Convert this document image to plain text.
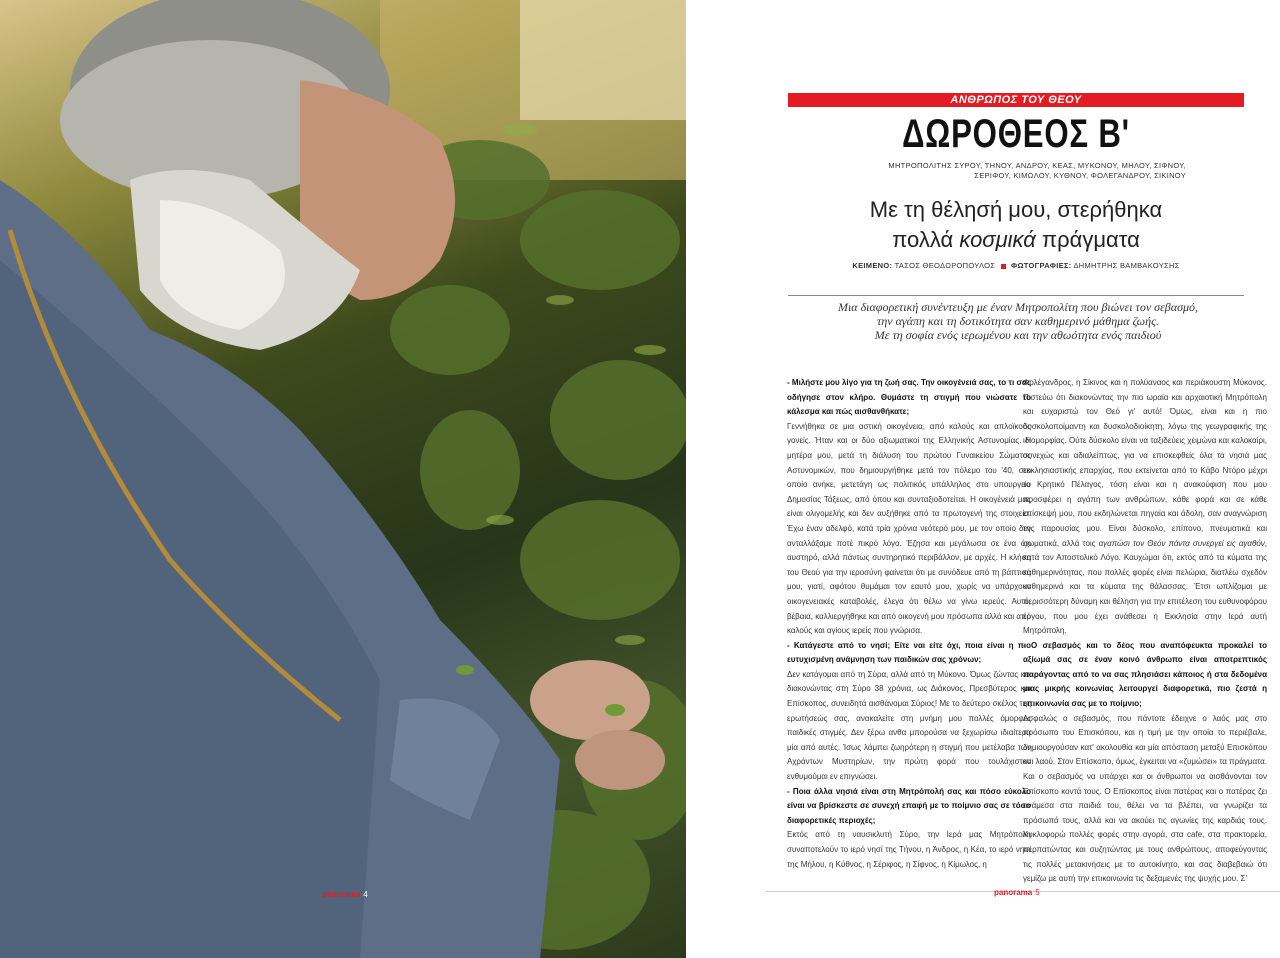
panorama 4
ΑΝΘΡΩΠΟΣ ΤΟΥ ΘΕΟΥ
ΔΩΡΟΘΕΟΣ Β'
ΜΗΤΡΟΠΟΛΙΤΗΣ ΣΥΡΟΥ, ΤΗΝΟΥ, ΑΝΔΡΟΥ, ΚΕΑΣ, ΜΥΚΟΝΟΥ, ΜΗΛΟΥ, ΣΙΦΝΟΥ,
ΣΕΡΙΦΟΥ, ΚΙΜΩΛΟΥ, ΚΥΘΝΟΥ, ΦΟΛΕΓΑΝΔΡΟΥ, ΣΙΚΙΝΟΥ
Με τη θέλησή μου, στερήθηκα
πολλά κοσμικά πράγματα
ΚΕΙΜΕΝΟ: ΤΑΣΟΣ ΘΕΟΔΩΡΟΠΟΥΛΟΣ ΦΩΤΟΓΡΑΦΙΕΣ: ΔΗΜΗΤΡΗΣ ΒΑΜΒΑΚΟΥΣΗΣ
Μια διαφορετική συνέντευξη με έναν Μητροπολίτη που βιώνει τον σεβασμό,
την αγάπη και τη δοτικότητα σαν καθημερινό μάθημα ζωής.
Με τη σοφία ενός ιερωμένου και την αθωότητα ενός παιδιού

- Μιλήστε μου λίγο για τη ζωή σας. Την οικογένειά σας, το τι σας οδήγησε στον κλήρο. Θυμάστε τη στιγμή που νιώσατε το κάλεσμα και πώς αισθανθήκατε;

Γεννήθηκα σε μια αστική οικογένεια, από καλούς και απλοϊκούς γονείς. Ήταν και οι δύο αξιωματικοί της Ελληνικής Αστυνομίας. Η μητέρα μου, μετά τη διάλυση του πρώτου Γυναικείου Σώματος Αστυνομικών, που δημιουργήθηκε μετά τον πόλεμο του '40, στο οποίο ανήκε, μετετάγη ως πολιτικός υπάλληλος στο υπουργείο Δημοσίας Τάξεως, από όπου και συνταξιοδοτείται. Η οικογένειά μας είναι ολιγομελής και δεν αυξήθηκε από τα πρωτογενή της στοιχεία. Έχω έναν αδελφό, κατά τρία χρόνια νεότερό μου, με τον οποίο δεν ανταλλάξαμε ποτέ πικρό λόγο. Έζησα και μεγάλωσα σε ένα όχι αυστηρό, αλλά πάντως συντηρητικό περιβάλλον, με αρχές. Η κλήση του Θεού για την ιεροσύνη φαίνεται ότι με συνόδευε από τη βάπτισή μου, γιατί, αφότου θυμάμαι τον εαυτό μου, χωρίς να υπάρχουν οικογενειακές καταβολές, έλεγα ότι θέλω να γίνω ιερεύς. Αυτό, βέβαια, καλλιεργήθηκε και από οικογενή μου πρόσωπα αλλά και από καλούς και αγίους ιερείς που γνώρισα.

- Κατάγεστε από το νησί; Είτε ναι είτε όχι, ποια είναι η πιο ευτυχισμένη ανάμνηση των παιδικών σας χρόνων;

Δεν κατάγομαι από τη Σύρα, αλλά από τη Μύκονο. Όμως ζώντας και διακονώντας στη Σύρο 38 χρόνια, ως Διάκονος, Πρεσβύτερος και Επίσκοπος, συνειδητά αισθάνομαι Σύριος! Με το δεύτερο σκέλος της ερωτήσεώς σας, ανακαλείτε στη μνήμη μου πολλές όμορφες παιδικές στιγμές. Δεν ξέρω ανθα μπορούσα να ξεχωρίσω ιδιαίτερα μία από αυτές. Ίσως λάμπει ζωηρότερη η στιγμή που μετέλαβα των Αχράντων Μυστηρίων, την πρώτη φορά που τουλάχιστον ενθυμούμαι εν επιγνώσει.

- Ποια άλλα νησιά είναι στη Μητρόπολή σας και πόσο εύκολο είναι να βρίσκεστε σε συνεχή επαφή με το ποίμνιο σας σε τόσο διαφορετικές περιοχές;

Εκτός από τη ναυσικλυτή Σύρο, την Ιερά μας Μητρόπολη συναποτελούν το ιερό νησί της Τήνου, η Άνδρος, η Κέα, το ιερό νησί της Μήλου, η Κύθνος, η Σέριφος, η Σίφνος, η Κίμωλος, η

Φολέγανδρος, η Σίκινος και η πολύαναος και περιάκουστη Μύκονος. Πιστεύω ότι διακονώντας την πιο ωραία και αρχαιοτική Μητρόπολη και ευχαριστώ τον Θεό γι' αυτό! Όμως, είναι και η πιο δυσκολοποίμαντη και δυσκολοδιοίκητη, λόγω της γεωγραφικής της ιδιομορφίας. Ούτε δύσκολο είναι να ταξιδεύεις χειμώνα και καλοκαίρι, συνεχώς και αδιαλείπτως, για να επισκεφθείς όλα τα νησιά μας εκκλησιαστικής επαρχίας, που εκτείνεται από το Κάβο Ντόρο μέχρι το Κρητικό Πέλαγος, τόση είναι και η ανακούφιση που μου προσφέρει η αγάπη των ανθρώπων, κάθε φορά και σε κάθε επίσκεψή μου, που εκδηλώνεται πηγαία και άδολη, σαν αναγνώριση της παρουσίας μου. Είναι δύσκολο, επίπονο, πνευματικά και σωματικά, αλλά τοις αγαπώσι τον Θεόν πάντα συνεργεί εις αγαθόν, κατά τον Αποστολικό Λόγο. Καυχώμαι ότι, εκτός από τα κύματα της καθημερινότητας, που πολλές φορές είναι πελώρια, διατλέω σχεδόν καθημερινά και τα κύματα της θάλασσας. Έτσι ωπλίζομαι με περισσότερη δύναμη και θέληση για την επιτέλεση του ευθυνοφόρου έργου, που μου έχει ανάθεσει η Εκκλησία στην Ιερά αυτή Μητρόπολη.

- Ο σεβασμός και το δέος που αναπόφευκτα προκαλεί το αξίωμά σας σε έναν κοινό άνθρωπο είναι αποτρεπτικός παράγοντας από το να σας πλησιάσει κάποιος ή στα δεδομένα μιας μικρής κοινωνίας λειτουργεί διαφορετικά, πιο ζεστά η επικοινωνία σας με το ποίμνιο;

Ασφαλώς ο σεβασμός, που πάντοτε έδειχνε ο λαός μας στο πρόσωπο του Επισκόπου, και η τιμή με την οποία το περιέβαλε, δημιουργούσαν κατ' ακολουθία και μία απόσταση μεταξύ Επισκόπου και λαού. Στον Επίσκοπο, όμως, έγκειται να «ζυμώσει» τα πράγματα. Και ο σεβασμός να υπάρχει και οι άνθρωποι να αισθάνονται τον Επίσκοπο κοντά τους. Ο Επίσκοπος είναι πατέρας και ο πατέρας ζει ανάμεσα στα παιδιά του, θέλει να τα βλέπει, να γνωρίζει τα πρόσωπά τους, αλλά και να ακούει τις αγωνίες της καρδιάς τους. Κυκλοφορώ πολλές φορές στην αγορά, στα cafe, στα πρακτορεία, περπατώντας και συζητώντας με τους ανθρώπους, αποφεύγοντας τις πολλές μετακινήσεις με το αυτοκίνητο, και σας διαβεβαιώ ότι γεμίζω με αυτή την επικοινωνία τις δεξαμενές της ψυχής μου. Σ'

panorama 5
